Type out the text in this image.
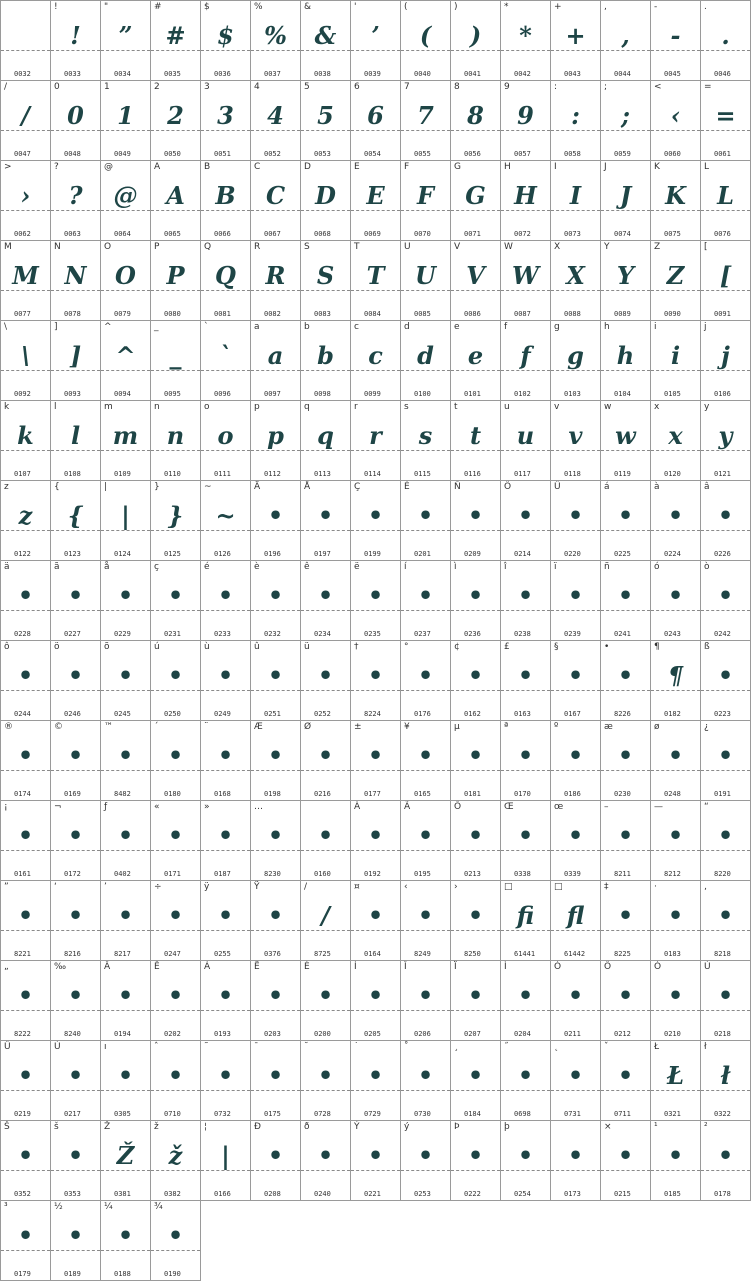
0032
!
!
0033
"
”
0034
#
#
0035
$
$
0036
%
%
0037
&
&
0038
'
’
0039
(
(
0040
)
)
0041
*
*
0042
+
+
0043
,
,
0044
-
-
0045
.
.
0046
/
/
0047
0
0
0048
1
1
0049
2
2
0050
3
3
0051
4
4
0052
5
5
0053
6
6
0054
7
7
0055
8
8
0056
9
9
0057
:
:
0058
;
;
0059
<
‹
0060
=
=
0061
>
›
0062
?
?
0063
@
@
0064
A
A
0065
B
B
0066
C
C
0067
D
D
0068
E
E
0069
F
F
0070
G
G
0071
H
H
0072
I
I
0073
J
J
0074
K
K
0075
L
L
0076
M
M
0077
N
N
0078
O
O
0079
P
P
0080
Q
Q
0081
R
R
0082
S
S
0083
T
T
0084
U
U
0085
V
V
0086
W
W
0087
X
X
0088
Y
Y
0089
Z
Z
0090
[
[
0091
\
\
0092
]
]
0093
^
^
0094
_
_
0095
`
`
0096
a
a
0097
b
b
0098
c
c
0099
d
d
0100
e
e
0101
f
f
0102
g
g
0103
h
h
0104
i
i
0105
j
j
0106
k
k
0107
l
l
0108
m
m
0109
n
n
0110
o
o
0111
p
p
0112
q
q
0113
r
r
0114
s
s
0115
t
t
0116
u
u
0117
v
v
0118
w
w
0119
x
x
0120
y
y
0121
z
z
0122
{
{
0123
|
|
0124
}
}
0125
~
~
0126
Ä
•
0196
Å
•
0197
Ç
•
0199
É
•
0201
Ñ
•
0209
Ö
•
0214
Ü
•
0220
á
•
0225
à
•
0224
â
•
0226
ä
•
0228
ã
•
0227
å
•
0229
ç
•
0231
é
•
0233
è
•
0232
ê
•
0234
ë
•
0235
í
•
0237
ì
•
0236
î
•
0238
ï
•
0239
ñ
•
0241
ó
•
0243
ò
•
0242
ô
•
0244
ö
•
0246
õ
•
0245
ú
•
0250
ù
•
0249
û
•
0251
ü
•
0252
†
•
8224
°
•
0176
¢
•
0162
£
•
0163
§
•
0167
•
•
8226
¶
¶
0182
ß
•
0223
®
•
0174
©
•
0169
™
•
8482
´
•
0180
¨
•
0168
Æ
•
0198
Ø
•
0216
±
•
0177
¥
•
0165
µ
•
0181
ª
•
0170
º
•
0186
æ
•
0230
ø
•
0248
¿
•
0191
¡
•
0161
¬
•
0172
ƒ
•
0402
«
•
0171
»
•
0187
…
•
8230
•
0160
À
•
0192
Ã
•
0195
Õ
•
0213
Œ
•
0338
œ
•
0339
–
•
8211
—
•
8212
“
•
8220
”
•
8221
‘
•
8216
’
•
8217
÷
•
0247
ÿ
•
0255
Ÿ
•
0376
/
/
8725
¤
•
0164
‹
•
8249
›
•
8250
□
ﬁ
61441
□
ﬂ
61442
‡
•
8225
·
•
0183
‚
•
8218
„
•
8222
‰
•
8240
Â
•
0194
Ê
•
0202
Á
•
0193
Ë
•
0203
È
•
0200
Í
•
0205
Î
•
0206
Ï
•
0207
Ì
•
0204
Ó
•
0211
Ô
•
0212
Ò
•
0210
Ú
•
0218
Û
•
0219
Ù
•
0217
ı
•
0305
ˆ
•
0710
˜
•
0732
¯
•
0175
˘
•
0728
˙
•
0729
˚
•
0730
¸
•
0184
˝
•
0698
˛
•
0731
ˇ
•
0711
Ł
Ł
0321
ł
ł
0322
Š
•
0352
š
•
0353
Ž
Ž
0381
ž
ž
0382
¦
|
0166
Ð
•
0208
ð
•
0240
Ý
•
0221
ý
•
0253
Þ
•
0222
þ
•
0254
•
0173
×
•
0215
¹
•
0185
²
•
0178
³
•
0179
½
•
0189
¼
•
0188
¾
•
0190
